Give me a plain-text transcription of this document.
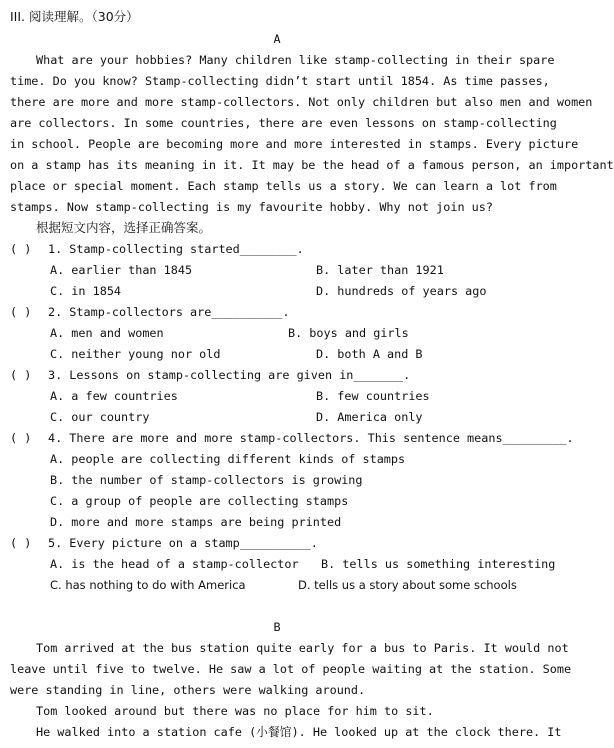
III. 阅读理解。（30分）
A
What are your hobbies? Many children like stamp-collecting in their spare
time. Do you know? Stamp-collecting didn’t start until 1854. As time passes,
there are more and more stamp-collectors. Not only children but also men and women
are collectors. In some countries, there are even lessons on stamp-collecting
in school. People are becoming more and more interested in stamps. Every picture
on a stamp has its meaning in it. It may be the head of a famous person, an important
place or special moment. Each stamp tells us a story. We can learn a lot from
stamps. Now stamp-collecting is my favourite hobby. Why not join us?
根据短文内容，选择正确答案。
( )	1. Stamp-collecting started________.
A. earlier than 1845	B. later than 1921
C. in 1854	D. hundreds of years ago
( )	2. Stamp-collectors are__________.
A. men and women	B. boys and girls
C. neither young nor old	D. both A and B
( )	3. Lessons on stamp-collecting are given in_______.
A. a few countries	B. few countries
C. our country	D. America only
( )	4. There are more and more stamp-collectors. This sentence means_________.
A. people are collecting different kinds of stamps
B. the number of stamp-collectors is growing
C. a group of people are collecting stamps
D. more and more stamps are being printed
( )	5. Every picture on a stamp__________.
A. is the head of a stamp-collector	B. tells us something interesting
C. has nothing to do with America	D. tells us a story about some schools
B
Tom arrived at the bus station quite early for a bus to Paris. It would not
leave until five to twelve. He saw a lot of people waiting at the station. Some
were standing in line, others were walking around.
Tom looked around but there was no place for him to sit.
He walked into a station cafe (小餐馆). He looked up at the clock there. It
